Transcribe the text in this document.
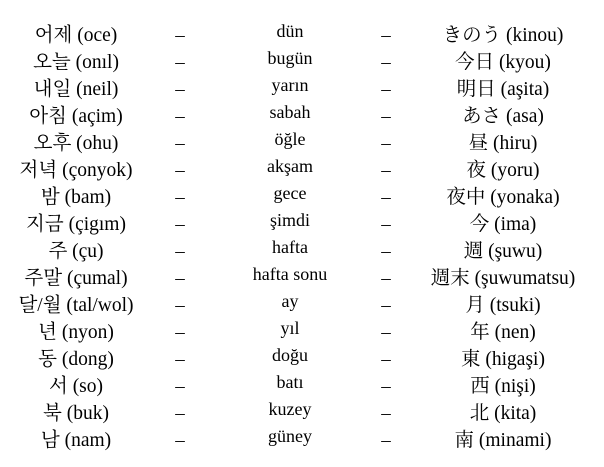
어제 (oce)	–	dün	–	きのう (kinou)
오늘 (onıl)	–	bugün	–	今日 (kyou)
내일 (neil)	–	yarın	–	明日 (aşita)
아침 (açim)	–	sabah	–	あさ (asa)
오후 (ohu)	–	öğle	–	昼 (hiru)
저녁 (çonyok) –	akşam	–	夜 (yoru)
밤 (bam)	–	gece	–	夜中 (yonaka)
지금 (çigım)	–	şimdi	–	今 (ima)
주 (çu)	–	hafta	–	週 (şuwu)
주말 (çumal)	–	hafta sonu	– 週末 (şuwumatsu)
달/월 (tal/wol) –	ay	–	月 (tsuki)
년 (nyon)	–	yıl	–	年 (nen)
동 (dong)	–	doğu	–	東 (higaşi)
서 (so)	–	batı	–	西 (nişi)
북 (buk)	–	kuzey	–	北 (kita)
남 (nam)	–	güney	–	南 (minami)
